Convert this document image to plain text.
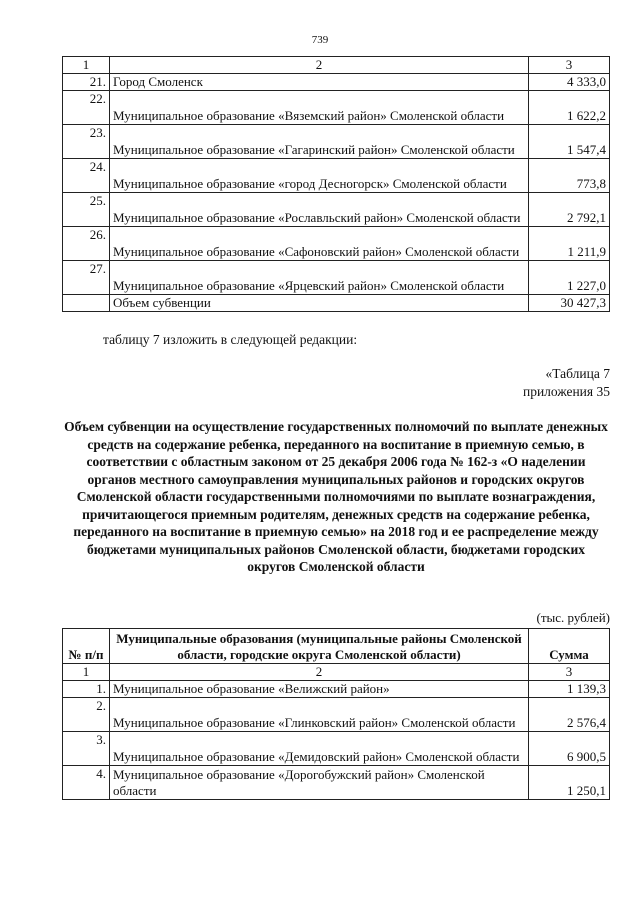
739
1	2	3
21.	Город Смоленск	4 333,0
22.	Муниципальное образование «Вяземский район» Смоленской области	1 622,2
23.	Муниципальное образование «Гагаринский район» Смоленской области	1 547,4
24.	Муниципальное образование «город Десногорск» Смоленской области	773,8
25.	Муниципальное образование «Рославльский район» Смоленской области	2 792,1
26.	Муниципальное образование «Сафоновский район» Смоленской области	1 211,9
27.	Муниципальное образование «Ярцевский район» Смоленской области	1 227,0
	Объем субвенции	30 427,3
таблицу 7 изложить в следующей редакции:
«Таблица 7
приложения 35
Объем субвенции на осуществление государственных полномочий по выплате денежных средств на содержание ребенка, переданного на воспитание в приемную семью, в соответствии с областным законом от 25 декабря 2006 года № 162-з «О наделении органов местного самоуправления муниципальных районов и городских округов Смоленской области государственными полномочиями по выплате вознаграждения, причитающегося приемным родителям, денежных средств на содержание ребенка, переданного на воспитание в приемную семью» на 2018 год и ее распределение между бюджетами муниципальных районов Смоленской области, бюджетами городских округов Смоленской области
(тыс. рублей)
№ п/п	Муниципальные образования (муниципальные районы Смоленской области, городские округа Смоленской области)	Сумма
1	2	3
1.	Муниципальное образование «Велижский район»	1 139,3
2.	Муниципальное образование «Глинковский район» Смоленской области	2 576,4
3.	Муниципальное образование «Демидовский район» Смоленской области	6 900,5
4.	Муниципальное образование «Дорогобужский район» Смоленской области	1 250,1
